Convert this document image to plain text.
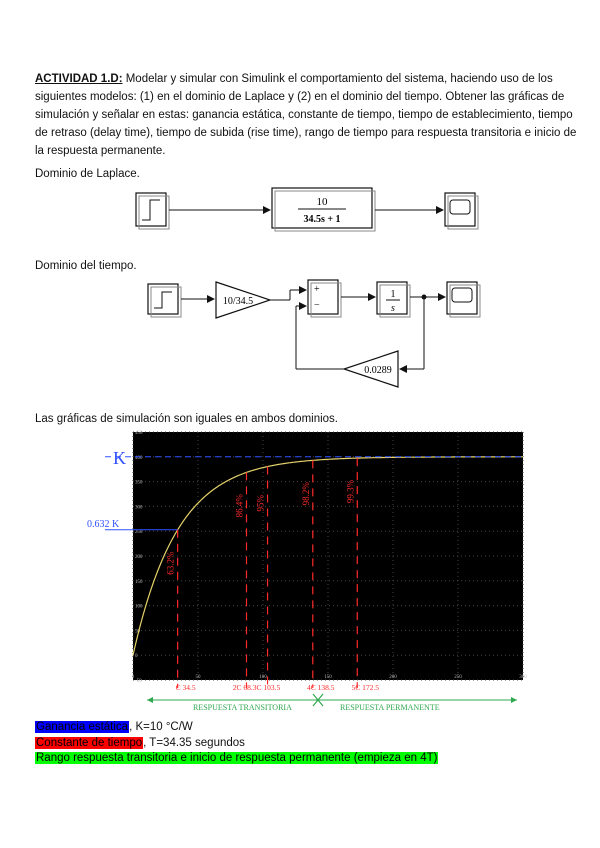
ACTIVIDAD 1.D: Modelar y simular con Simulink el comportamiento del sistema, haciendo uso de los siguientes modelos: (1) en el dominio de Laplace y (2) en el dominio del tiempo. Obtener las gráficas de simulación y señalar en estas: ganancia estática, constante de tiempo, tiempo de establecimiento, tiempo de retraso (delay time), tiempo de subida (rise time), rango de tiempo para respuesta transitoria e inicio de la respuesta permanente.
Dominio de Laplace.
10
34.5s + 1
Dominio del tiempo.
10/34.5
+
−
1
s
0.0289
Las gráficas de simulación son iguales en ambos dominios.
0	50	100	150	200	250	300
-50
0
50
100
150
200
250
300
350
400
450
63.2%
86.4% 95%	98.2%	99.3%
K
0.632 K
C 34.5	2C 68.3C 103.5	4C 138.5 5C 172.5
RESPUESTA TRANSITORIA	RESPUESTA PERMANENTE
Ganancia estática, K=10 °C/W
Constante de tiempo, T=34.35 segundos
Rango respuesta transitoria e inicio de respuesta permanente (empieza en 4T)
